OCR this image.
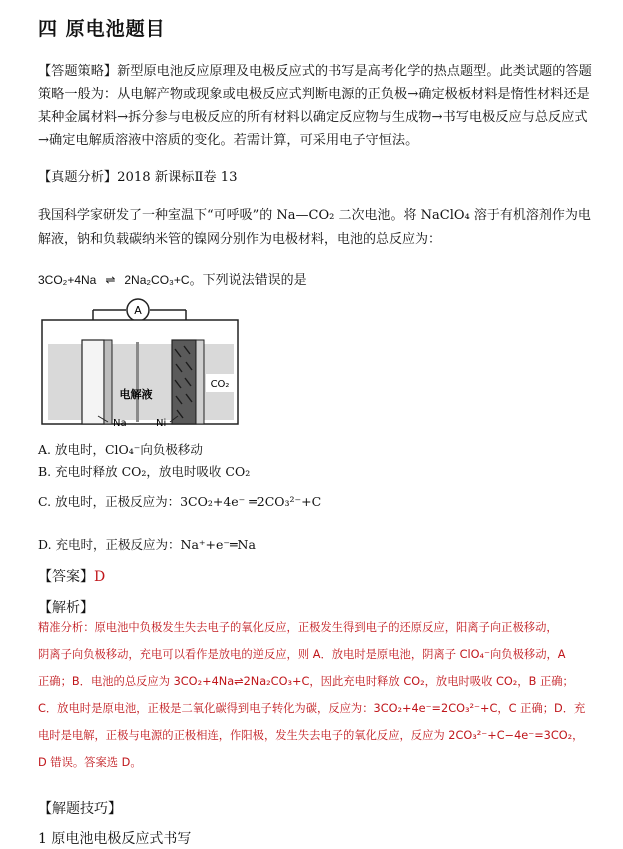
四 原电池题目
【答题策略】新型原电池反应原理及电极反应式的书写是高考化学的热点题型。此类试题的答题策略一般为：从电解产物或现象或电极反应式判断电源的正负极→确定极板材料是惰性材料还是某种金属材料→拆分参与电极反应的所有材料以确定反应物与生成物→书写电极反应与总反应式→确定电解质溶液中溶质的变化。若需计算，可采用电子守恒法。
【真题分析】2018 新课标Ⅱ卷 13
我国科学家研发了一种室温下“可呼吸”的 Na—CO₂ 二次电池。将 NaClO₄ 溶于有机溶剂作为电解液，钠和负载碳纳米管的镍网分别作为电极材料，电池的总反应为：
3CO₂+4Na ⇌ 2Na₂CO₃+C。下列说法错误的是
A
电解液
CO₂
Na	Ni
A. 放电时，ClO₄⁻向负极移动
B. 充电时释放 CO₂，放电时吸收 CO₂
C. 放电时，正极反应为：3CO₂+4e⁻ ═2CO₃²⁻+C
D. 充电时，正极反应为：Na⁺+e⁻═Na
【答案】D
【解析】
精准分析：原电池中负极发生失去电子的氧化反应，正极发生得到电子的还原反应，阳离子向正极移动，
阴离子向负极移动，充电可以看作是放电的逆反应，则 A．放电时是原电池，阴离子 ClO₄⁻向负极移动，A
正确；B．电池的总反应为 3CO₂+4Na⇌2Na₂CO₃+C，因此充电时释放 CO₂，放电时吸收 CO₂，B 正确；
C．放电时是原电池，正极是二氧化碳得到电子转化为碳，反应为：3CO₂+4e⁻=2CO₃²⁻+C，C 正确；D．充
电时是电解，正极与电源的正极相连，作阳极，发生失去电子的氧化反应，反应为 2CO₃²⁻+C−4e⁻=3CO₂，
D 错误。答案选 D。
【解题技巧】
1 原电池电极反应式书写
